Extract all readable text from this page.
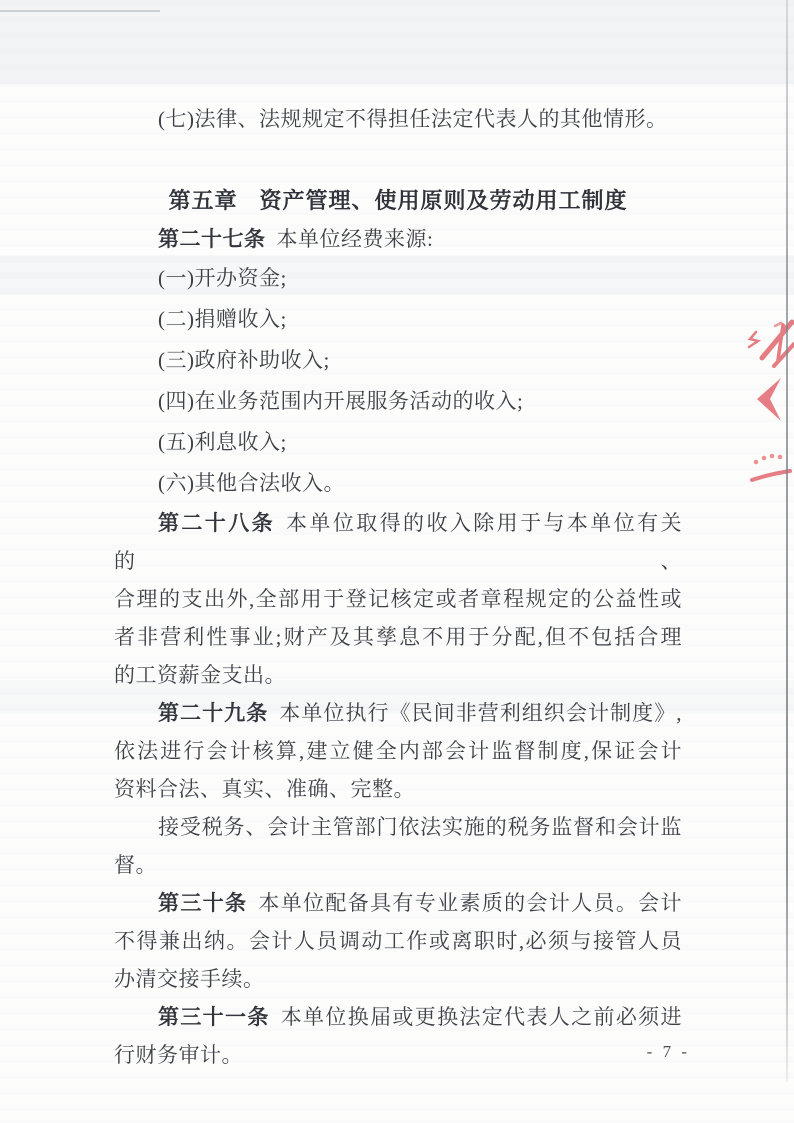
(七)法律、法规规定不得担任法定代表人的其他情形。

第五章 资产管理、使用原则及劳动用工制度

第二十七条 本单位经费来源:

(一)开办资金;
(二)捐赠收入;
(三)政府补助收入;
(四)在业务范围内开展服务活动的收入;
(五)利息收入;
(六)其他合法收入。

第二十八条 本单位取得的收入除用于与本单位有关的、

合理的支出外,全部用于登记核定或者章程规定的公益性或

者非营利性事业;财产及其孳息不用于分配,但不包括合理

的工资薪金支出。

第二十九条 本单位执行《民间非营利组织会计制度》,

依法进行会计核算,建立健全内部会计监督制度,保证会计

资料合法、真实、准确、完整。

接受税务、会计主管部门依法实施的税务监督和会计监

督。

第三十条 本单位配备具有专业素质的会计人员。会计

不得兼出纳。会计人员调动工作或离职时,必须与接管人员

办清交接手续。

第三十一条 本单位换届或更换法定代表人之前必须进

行财务审计。	- 7 -
